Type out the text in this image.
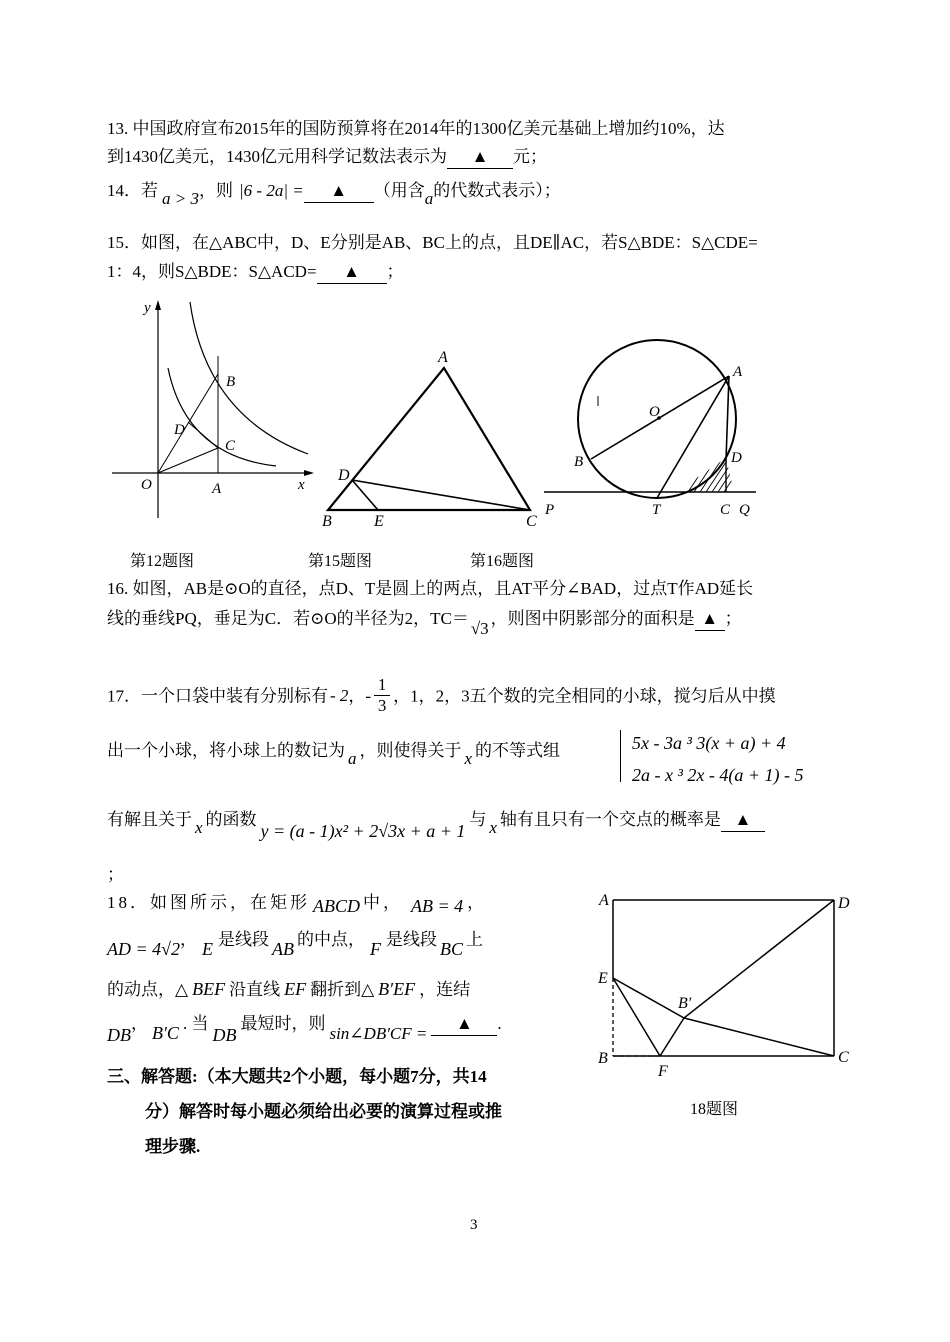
13. 中国政府宣布2015年的国防预算将在2014年的1300亿美元基础上增加约10%，达
到1430亿美元，1430亿元用科学记数法表示为 ▲ 元；
14．若 a > 3，则 |6 - 2a| = ▲ （用含a的代数式表示）；
15．如图，在△ABC中，D、E分别是AB、BC上的点，且DE∥AC，若S△BDE：S△CDE=
1：4，则S△BDE：S△ACD= ▲ ；
y
B
D
C
O	A	x
A
D
B	E	C
A
O
B	D
P	T	C Q
第12题图	第15题图	第16题图
16. 如图，AB是⊙O的直径，点D、T是圆上的两点，且AT平分∠BAD，过点T作AD延长
线的垂线PQ，垂足为C．若⊙O的半径为2，TC＝√3，则图中阴影部分的面积是 ▲ ；
17．一个口袋中装有分别标有 - 2，- $\frac{1}{3}$ ，1，2，3五个数的完全相同的小球，搅匀后从中摸
出一个小球，将小球上的数记为 a ，则使得关于 x 的不等式组	5x - 3a ³ 3(x + a) + 4
2a - x ³ 2x - 4(a + 1) - 5
有解且关于 x 的函数y = (a - 1)x² + 2√3x + a + 1与 x 轴有且只有一个交点的概率是 ▲
；
18．如图所示，在矩形 ABCD 中， AB = 4 ，
AD = 4√2， E 是线段 AB 的中点， F 是线段 BC 上
的动点，△ BEF 沿直线 EF 翻折到△ B′EF ，连结
DB， B′C . 当DB最短时，则sin∠DB′CF =▲ .
A	D
E
B′
B
F
C
18题图
三、解答题:（本大题共2个小题，每小题7分，共14
分）解答时每小题必须给出必要的演算过程或推
理步骤.
3
